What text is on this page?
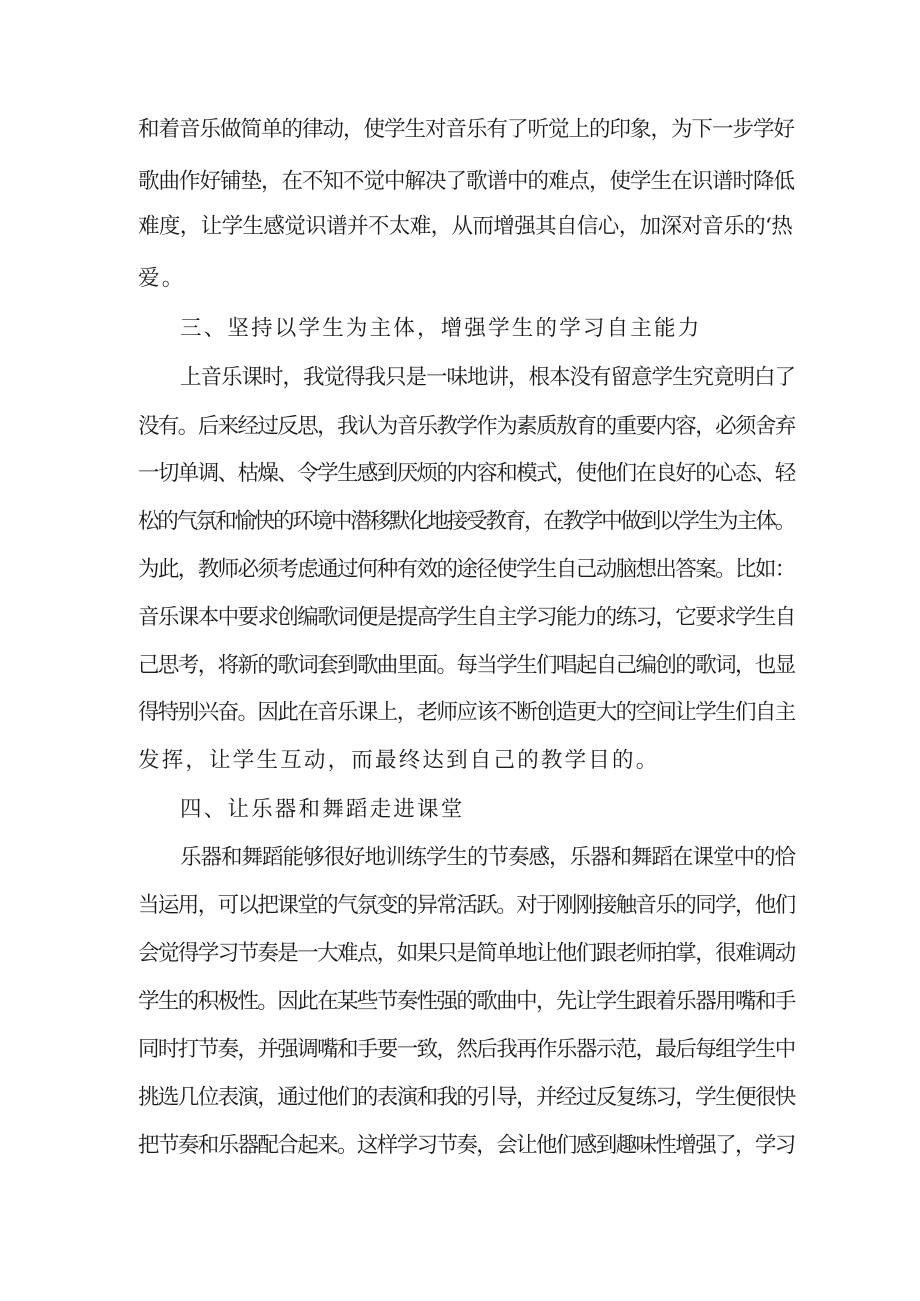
和着音乐做简单的律动，使学生对音乐有了听觉上的印象，为下一步学好
歌曲作好铺垫，在不知不觉中解决了歌谱中的难点，使学生在识谱时降低
难度，让学生感觉识谱并不太难，从而增强其自信心，加深对音乐的‘热
爱。
三、坚持以学生为主体，增强学生的学习自主能力
上音乐课时，我觉得我只是一味地讲，根本没有留意学生究竟明白了
没有。后来经过反思，我认为音乐教学作为素质敖育的重要内容，必须舍弃
一切单调、枯燥、令学生感到厌烦的内容和模式，使他们在良好的心态、轻
松的气氛和愉快的环境中潜移默化地接受教育，在教学中做到以学生为主体。
为此，教师必须考虑通过何种有效的途径使学生自己动脑想出答案。比如：
音乐课本中要求创编歌词便是提高学生自主学习能力的练习，它要求学生自
己思考，将新的歌词套到歌曲里面。每当学生们唱起自己编创的歌词，也显
得特别兴奋。因此在音乐课上，老师应该不断创造更大的空间让学生们自主
发挥，让学生互动，而最终达到自己的教学目的。
四、让乐器和舞蹈走进课堂
乐器和舞蹈能够很好地训练学生的节奏感，乐器和舞蹈在课堂中的恰
当运用，可以把课堂的气氛变的异常活跃。对于刚刚接触音乐的同学，他们
会觉得学习节奏是一大难点，如果只是简单地让他们跟老师拍掌，很难调动
学生的积极性。因此在某些节奏性强的歌曲中，先让学生跟着乐器用嘴和手
同时打节奏，并强调嘴和手要一致，然后我再作乐器示范，最后每组学生中
挑选几位表演，通过他们的表演和我的引导，并经过反复练习，学生便很快
把节奏和乐器配合起来。这样学习节奏，会让他们感到趣味性增强了，学习
